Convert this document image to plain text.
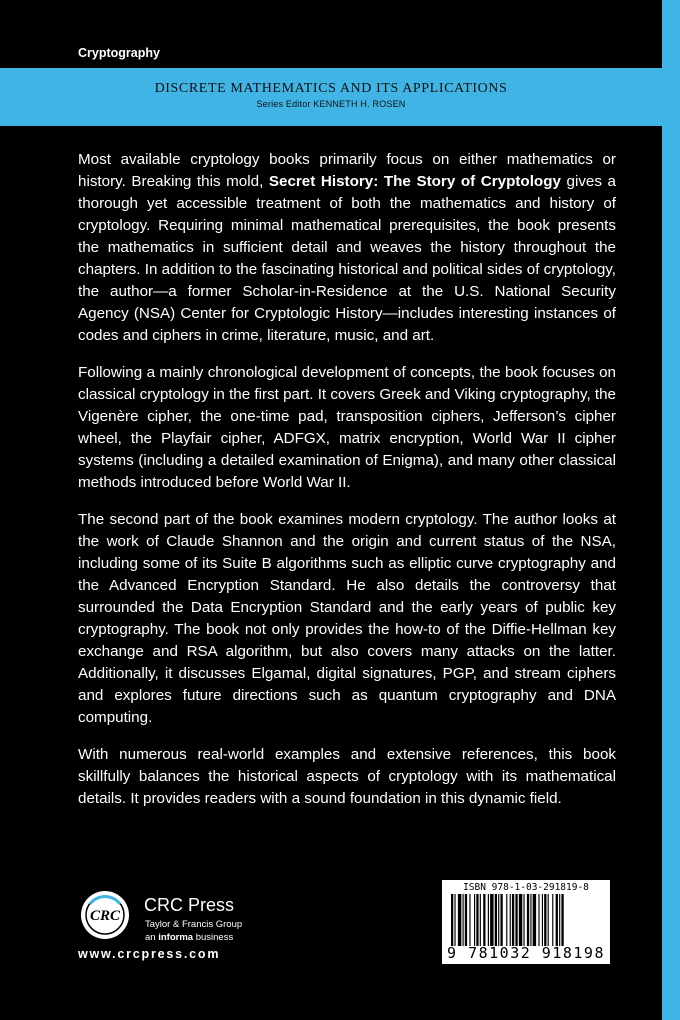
Cryptography
DISCRETE MATHEMATICS AND ITS APPLICATIONS
Series Editor KENNETH H. ROSEN

Most available cryptology books primarily focus on either mathematics or history. Breaking this mold, Secret History: The Story of Cryptology gives a thorough yet accessible treatment of both the mathematics and history of cryptology. Requiring minimal mathematical prerequisites, the book presents the mathematics in sufficient detail and weaves the history throughout the chapters. In addition to the fascinating historical and political sides of cryptology, the author—a former Scholar-in-Residence at the U.S. National Security Agency (NSA) Center for Cryptologic History—includes interesting instances of codes and ciphers in crime, literature, music, and art.

Following a mainly chronological development of concepts, the book focuses on classical cryptology in the first part. It covers Greek and Viking cryptography, the Vigenère cipher, the one-time pad, transposition ciphers, Jefferson’s cipher wheel, the Playfair cipher, ADFGX, matrix encryption, World War II cipher systems (including a detailed examination of Enigma), and many other classical methods introduced before World War II.

The second part of the book examines modern cryptology. The author looks at the work of Claude Shannon and the origin and current status of the NSA, including some of its Suite B algorithms such as elliptic curve cryptography and the Advanced Encryption Standard. He also details the controversy that surrounded the Data Encryption Standard and the early years of public key cryptography. The book not only provides the how-to of the Diffie-Hellman key exchange and RSA algorithm, but also covers many attacks on the latter. Additionally, it discusses Elgamal, digital signatures, PGP, and stream ciphers and explores future directions such as quantum cryptography and DNA computing.

With numerous real-world examples and extensive references, this book skillfully balances the historical aspects of cryptology with its mathematical details. It provides readers with a sound foundation in this dynamic field.

CRC
CRC Press
Taylor & Francis Group
an informa business
www.crcpress.com
ISBN 978-1-03-291819-8
9 781032 918198
